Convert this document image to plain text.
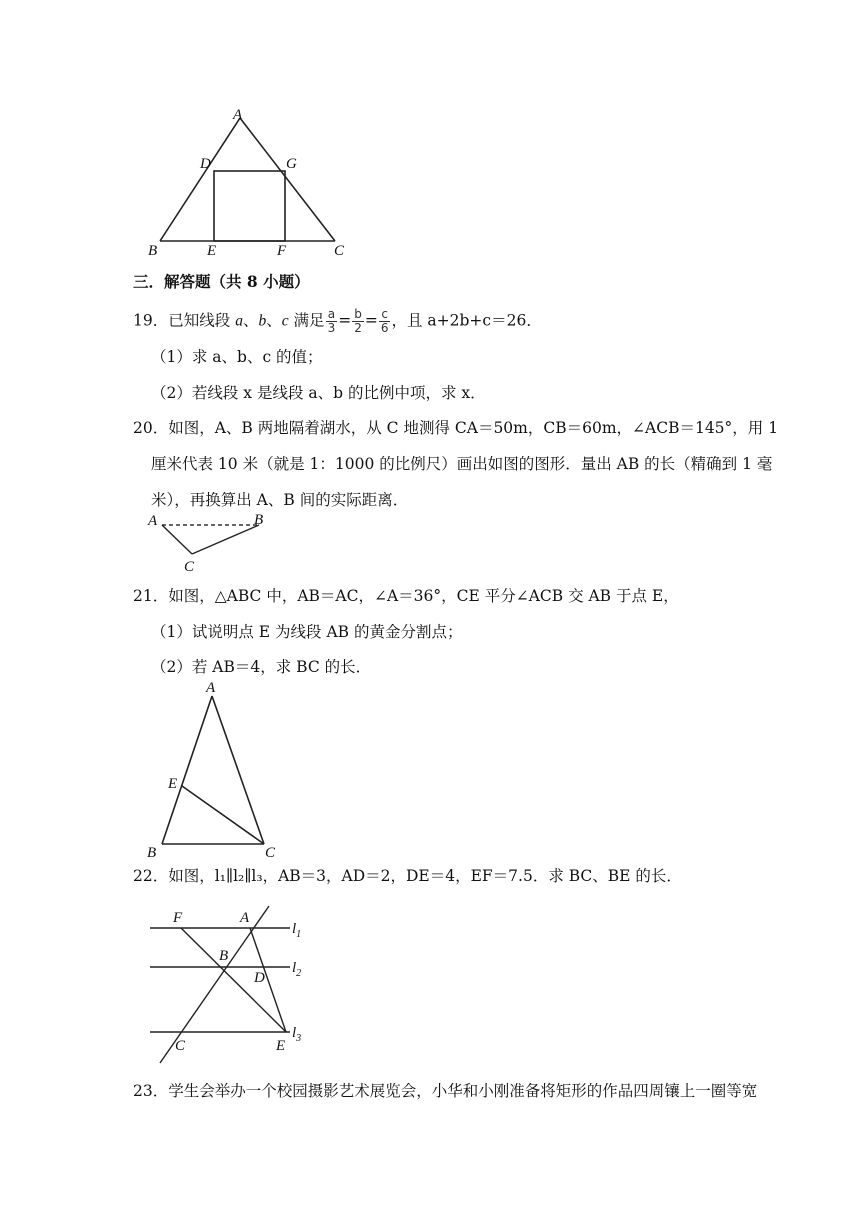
A
D	G
B	E	F	C
三．解答题（共 8 小题）
19．已知线段 a、b、c 满足 $\frac{a}{3} = \frac{b}{2} = \frac{c}{6}$ ，且 a+2b+c＝26．
（1）求 a、b、c 的值；
（2）若线段 x 是线段 a、b 的比例中项，求 x．
20．如图，A、B 两地隔着湖水，从 C 地测得 CA＝50m，CB＝60m，∠ACB＝145°，用 1
厘米代表 10 米（就是 1：1000 的比例尺）画出如图的图形．量出 AB 的长（精确到 1 毫
米），再换算出 A、B 间的实际距离．
A	B
C
21．如图，△ABC 中，AB＝AC，∠A＝36°，CE 平分∠ACB 交 AB 于点 E，
（1）试说明点 E 为线段 AB 的黄金分割点；
（2）若 AB＝4，求 BC 的长．
A
E
B	C
22．如图，l₁∥l₂∥l₃，AB＝3，AD＝2，DE＝4，EF＝7.5．求 BC、BE 的长．
F	A
B
D
C	E
$l_1$
$l_2$
$l_3$
23．学生会举办一个校园摄影艺术展览会，小华和小刚准备将矩形的作品四周镶上一圈等宽
